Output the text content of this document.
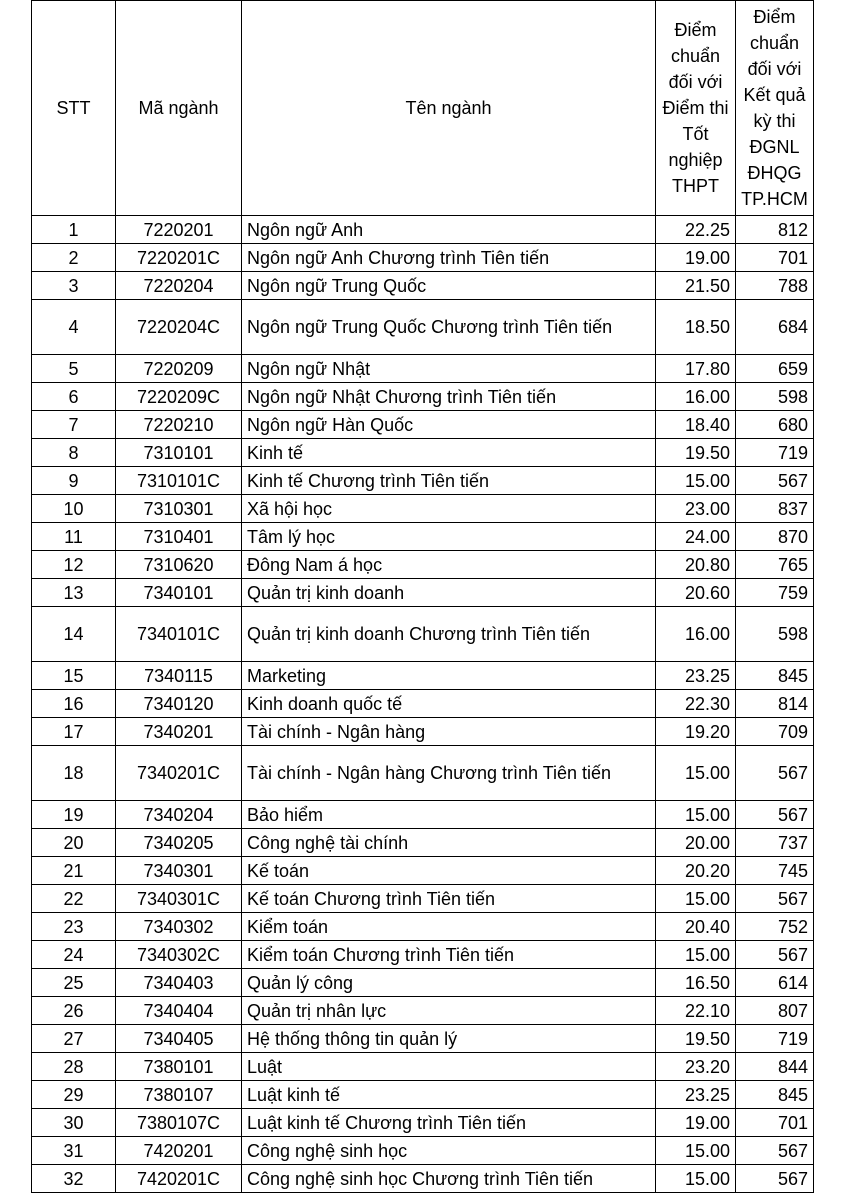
STT	Mã ngành	Tên ngành	Điểm chuẩn đối với Điểm thi Tốt nghiệp THPT	Điểm chuẩn đối với Kết quả kỳ thi ĐGNL ĐHQG TP.HCM
1	7220201	Ngôn ngữ Anh	22.25	812
2	7220201C	Ngôn ngữ Anh Chương trình Tiên tiến	19.00	701
3	7220204	Ngôn ngữ Trung Quốc	21.50	788
4	7220204C	Ngôn ngữ Trung Quốc Chương trình Tiên tiến	18.50	684
5	7220209	Ngôn ngữ Nhật	17.80	659
6	7220209C	Ngôn ngữ Nhật Chương trình Tiên tiến	16.00	598
7	7220210	Ngôn ngữ Hàn Quốc	18.40	680
8	7310101	Kinh tế	19.50	719
9	7310101C	Kinh tế Chương trình Tiên tiến	15.00	567
10	7310301	Xã hội học	23.00	837
11	7310401	Tâm lý học	24.00	870
12	7310620	Đông Nam á học	20.80	765
13	7340101	Quản trị kinh doanh	20.60	759
14	7340101C	Quản trị kinh doanh Chương trình Tiên tiến	16.00	598
15	7340115	Marketing	23.25	845
16	7340120	Kinh doanh quốc tế	22.30	814
17	7340201	Tài chính - Ngân hàng	19.20	709
18	7340201C	Tài chính - Ngân hàng Chương trình Tiên tiến	15.00	567
19	7340204	Bảo hiểm	15.00	567
20	7340205	Công nghệ tài chính	20.00	737
21	7340301	Kế toán	20.20	745
22	7340301C	Kế toán Chương trình Tiên tiến	15.00	567
23	7340302	Kiểm toán	20.40	752
24	7340302C	Kiểm toán Chương trình Tiên tiến	15.00	567
25	7340403	Quản lý công	16.50	614
26	7340404	Quản trị nhân lực	22.10	807
27	7340405	Hệ thống thông tin quản lý	19.50	719
28	7380101	Luật	23.20	844
29	7380107	Luật kinh tế	23.25	845
30	7380107C	Luật kinh tế Chương trình Tiên tiến	19.00	701
31	7420201	Công nghệ sinh học	15.00	567
32	7420201C	Công nghệ sinh học Chương trình Tiên tiến	15.00	567
